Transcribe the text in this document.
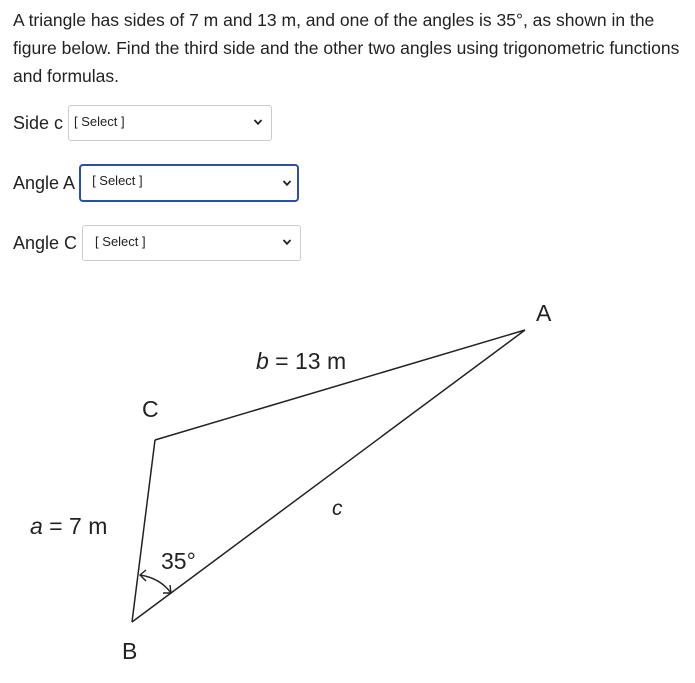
A triangle has sides of 7 m and 13 m, and one of the angles is 35°, as shown in the figure below. Find the third side and the other two angles using trigonometric functions and formulas.

Side c [ Select ]
Angle A	[ Select ]
Angle C	[ Select ]
A
C
B
b = 13 m
a = 7 m
c
35°
